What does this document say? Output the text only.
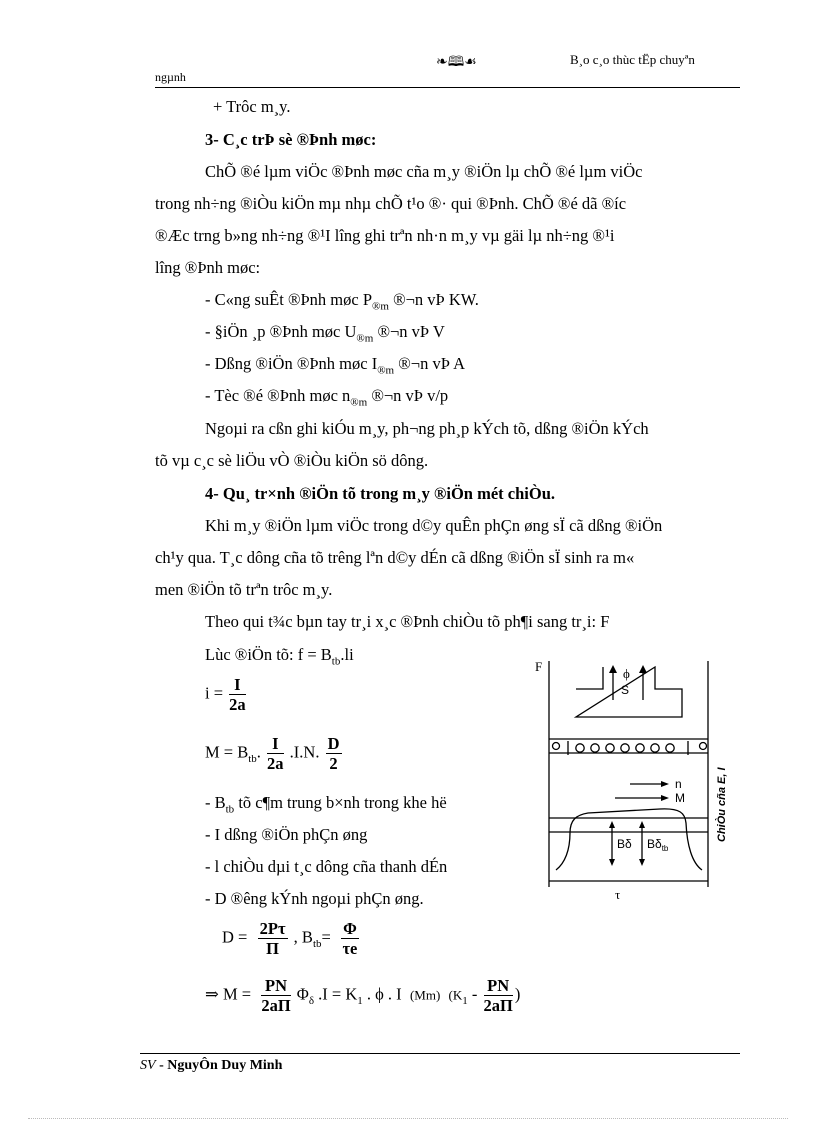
❧🕮☙	B¸o c¸o thùc tËp chuyªn
ngµnh
+ Trôc m¸y.
3- C¸c trÞ sè ®Þnh møc:
ChÕ ®é lµm viÖc ®Þnh møc cña m¸y ®iÖn lµ chÕ ®é lµm viÖc
trong nh÷ng ®iÒu kiÖn mµ nhµ chÕ t¹o ®· qui ®Þnh. ChÕ ®é dã ®íc
®Æc trng b»ng nh÷ng ®¹I lîng ghi trªn nh·n m¸y vµ gäi lµ nh÷ng ®¹i
lîng ®Þnh møc:
- C«ng suÊt ®Þnh møc $P_{®m}$ ®¬n vÞ KW.
- §iÖn ¸p ®Þnh møc $U_{®m}$ ®¬n vÞ V
- Dßng ®iÖn ®Þnh møc $I_{®m}$ ®¬n vÞ A
- Tèc ®é ®Þnh møc $n_{®m}$ ®¬n vÞ v/p
Ngoµi ra cßn ghi kiÓu m¸y, ph¬ng ph¸p kÝch tõ, dßng ®iÖn kÝch
tõ vµ c¸c sè liÖu vÒ ®iÒu kiÖn sö dông.
4- Qu¸ tr×nh ®iÖn tõ trong m¸y ®iÖn mét chiÒu.
Khi m¸y ®iÖn lµm viÖc trong d©y quÊn phÇn øng sÏ cã dßng ®iÖn
ch¹y qua. T¸c dông cña tõ trêng lªn d©y dÉn cã dßng ®iÖn sÏ sinh ra m«
men ®iÖn tõ trªn trôc m¸y.
Theo qui t¾c bµn tay tr¸i x¸c ®Þnh chiÒu tõ ph¶i sang tr¸i: F
Lùc ®iÖn tõ: $f = B_{tb}.li$
$i = \frac{I}{2a}$
$M = B_{tb}$. $\frac{I}{2a} .I.N$. $\frac{D}{2}$
- $B_{tb}$ tõ c¶m trung b×nh trong khe hë
- I dßng ®iÖn phÇn øng
- l chiÒu dµi t¸c dông cña thanh dÉn
- D ®êng kÝnh ngoµi phÇn øng.
$D = \frac{2P\tau}{\Pi}$ , $B_{tb}= \frac{\Phi}{\tau e}$
⇒ $M = \frac{PN}{2a\Pi} \Phi_\delta$ $.I = K_1$ . ϕ . I (Mm) ($K_1 - \frac{PN}{2a\Pi}$ )
F	ϕ
S
n
M
Bδ $B\delta_{tb}$
τ
ChiÒu cña E, I
SV - NguyÔn Duy Minh
